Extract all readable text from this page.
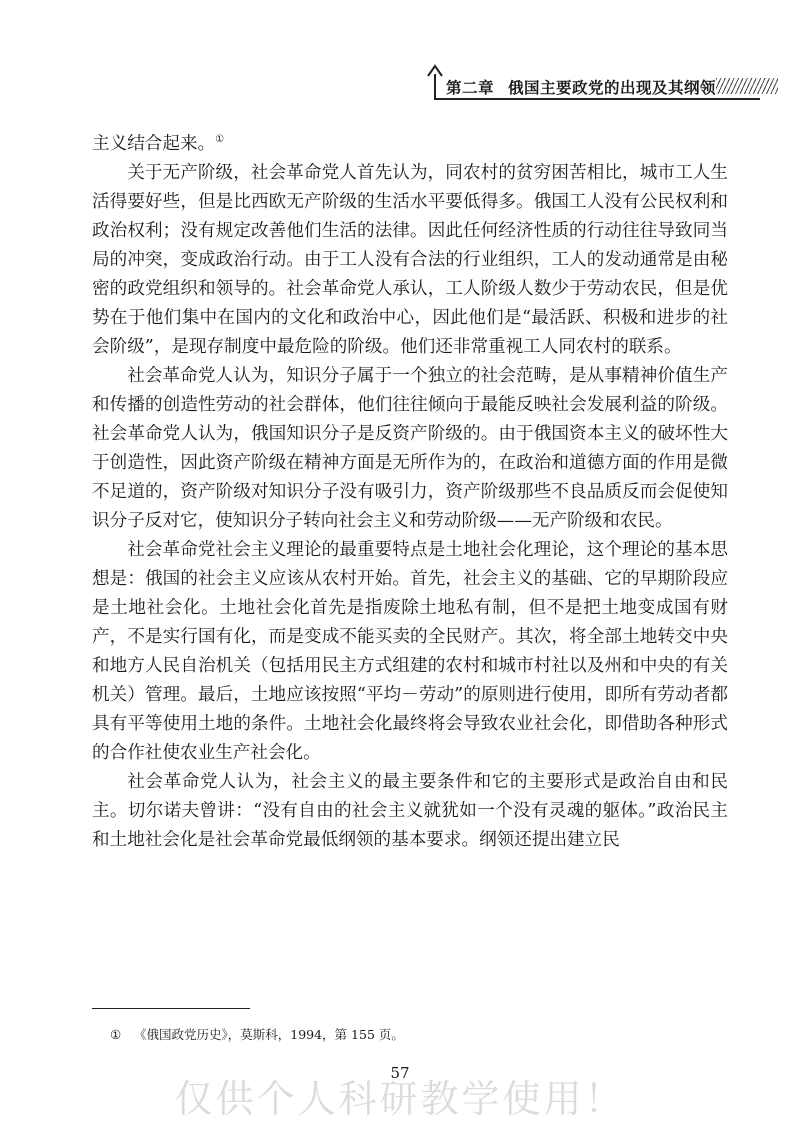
第二章 俄国主要政党的出现及其纲领

主义结合起来。①

关于无产阶级，社会革命党人首先认为，同农村的贫穷困苦相比，城市工人生活得要好些，但是比西欧无产阶级的生活水平要低得多。俄国工人没有公民权利和政治权利；没有规定改善他们生活的法律。因此任何经济性质的行动往往导致同当局的冲突，变成政治行动。由于工人没有合法的行业组织，工人的发动通常是由秘密的政党组织和领导的。社会革命党人承认，工人阶级人数少于劳动农民，但是优势在于他们集中在国内的文化和政治中心，因此他们是“最活跃、积极和进步的社会阶级”，是现存制度中最危险的阶级。他们还非常重视工人同农村的联系。

社会革命党人认为，知识分子属于一个独立的社会范畴，是从事精神价值生产和传播的创造性劳动的社会群体，他们往往倾向于最能反映社会发展利益的阶级。社会革命党人认为，俄国知识分子是反资产阶级的。由于俄国资本主义的破坏性大于创造性，因此资产阶级在精神方面是无所作为的，在政治和道德方面的作用是微不足道的，资产阶级对知识分子没有吸引力，资产阶级那些不良品质反而会促使知识分子反对它，使知识分子转向社会主义和劳动阶级——无产阶级和农民。

社会革命党社会主义理论的最重要特点是土地社会化理论，这个理论的基本思想是：俄国的社会主义应该从农村开始。首先，社会主义的基础、它的早期阶段应是土地社会化。土地社会化首先是指废除土地私有制，但不是把土地变成国有财产，不是实行国有化，而是变成不能买卖的全民财产。其次，将全部土地转交中央和地方人民自治机关（包括用民主方式组建的农村和城市村社以及州和中央的有关机关）管理。最后，土地应该按照“平均－劳动”的原则进行使用，即所有劳动者都具有平等使用土地的条件。土地社会化最终将会导致农业社会化，即借助各种形式的合作社使农业生产社会化。

社会革命党人认为，社会主义的最主要条件和它的主要形式是政治自由和民主。切尔诺夫曾讲：“没有自由的社会主义就犹如一个没有灵魂的躯体。”政治民主和土地社会化是社会革命党最低纲领的基本要求。纲领还提出建立民

① 《俄国政党历史》，莫斯科，1994，第 155 页。
57
仅供个人科研教学使用！
